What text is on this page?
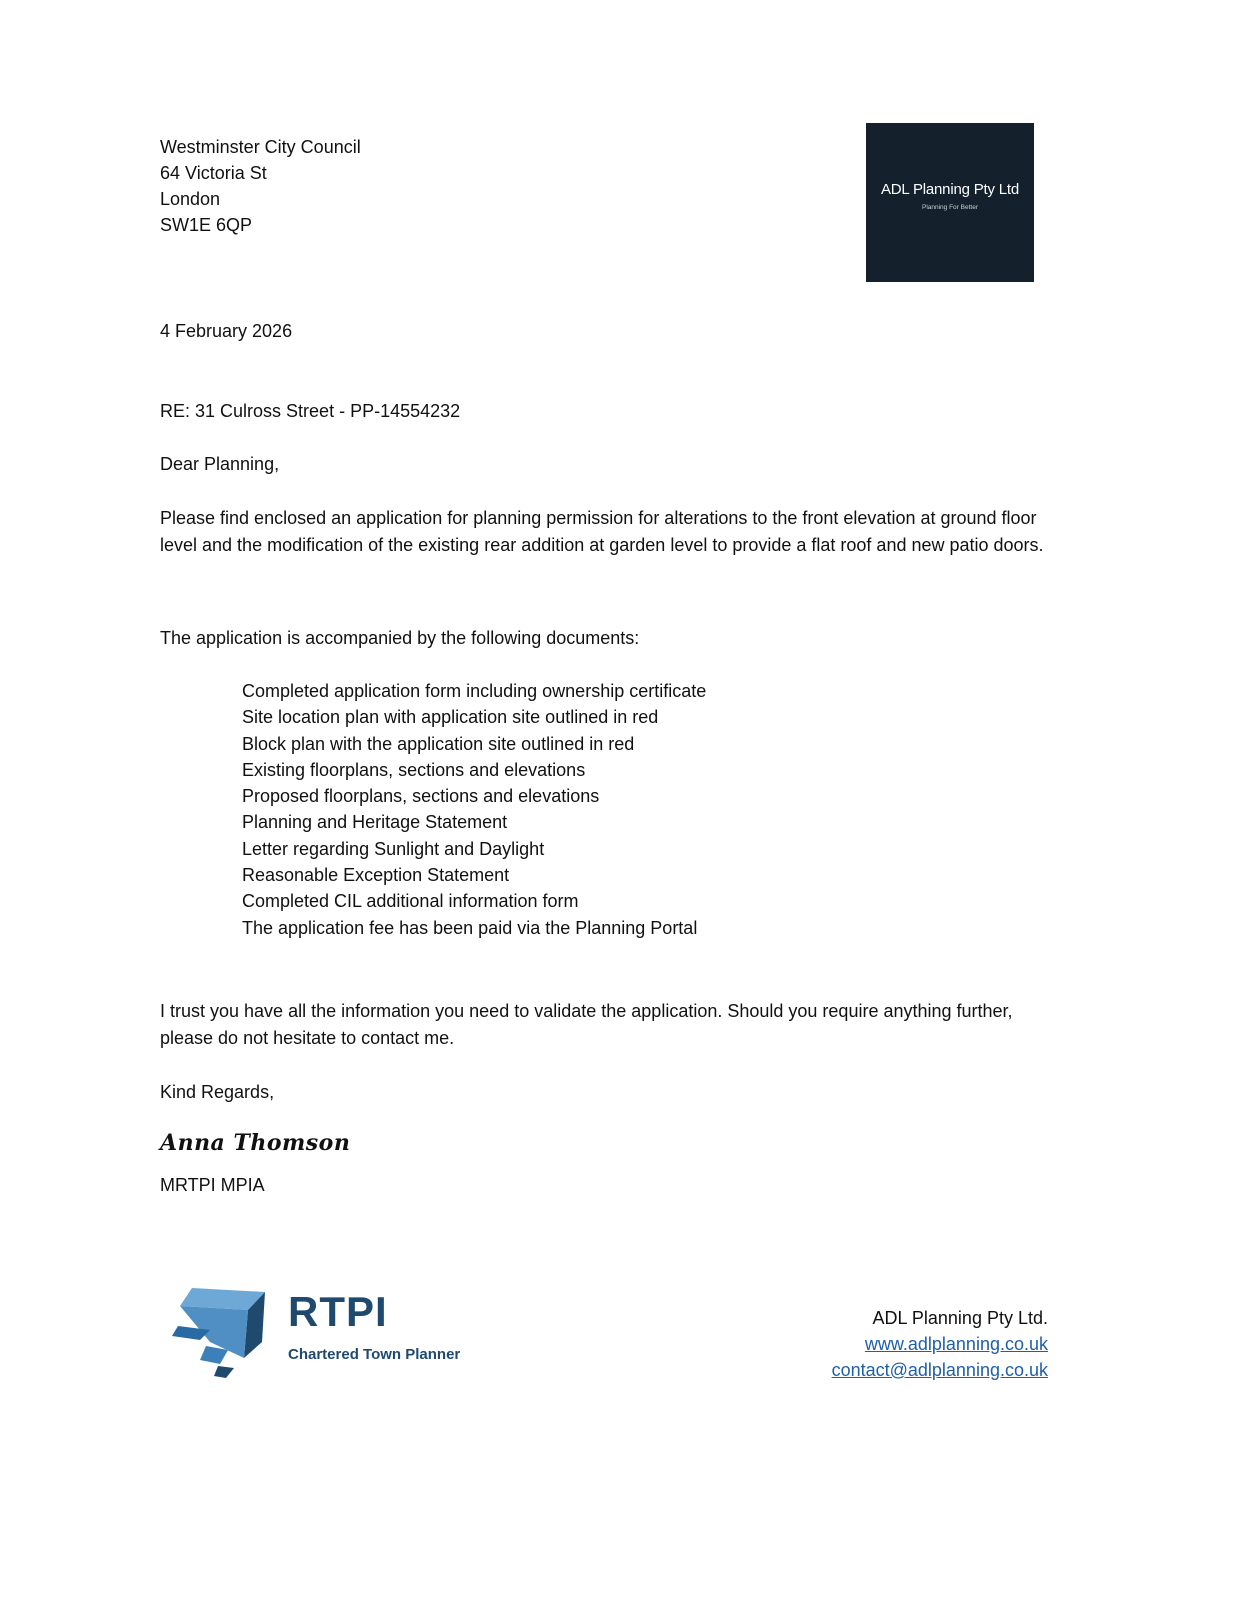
Westminster City Council
64 Victoria St
London
SW1E 6QP
ADL Planning Pty Ltd
Planning For Better
4 February 2026
RE: 31 Culross Street - PP-14554232
Dear Planning,
Please find enclosed an application for planning permission for alterations to the front elevation at ground floor level and the modification of the existing rear addition at garden level to provide a flat roof and new patio doors.
The application is accompanied by the following documents:
Completed application form including ownership certificate
Site location plan with application site outlined in red
Block plan with the application site outlined in red
Existing floorplans, sections and elevations
Proposed floorplans, sections and elevations
Planning and Heritage Statement
Letter regarding Sunlight and Daylight
Reasonable Exception Statement
Completed CIL additional information form
The application fee has been paid via the Planning Portal
I trust you have all the information you need to validate the application. Should you require anything further, please do not hesitate to contact me.
Kind Regards,
Anna Thomson
MRTPI MPIA
RTPI
Chartered Town Planner
ADL Planning Pty Ltd.
www.adlplanning.co.uk
contact@adlplanning.co.uk
